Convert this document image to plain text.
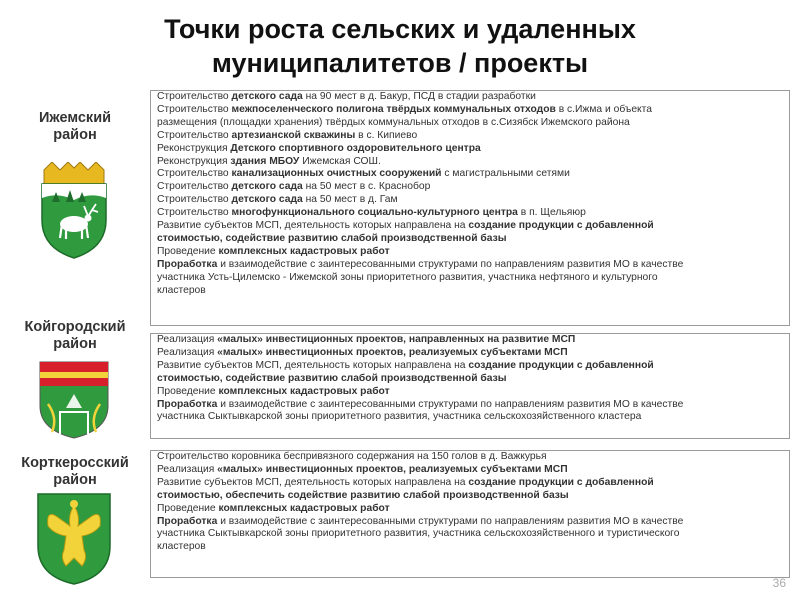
Точки роста сельских и удаленных
муниципалитетов / проекты
Ижемский
район
Строительство детского сада на 90 мест в д. Бакур, ПСД в стадии разработки
Строительство межпоселенческого полигона твёрдых коммунальных отходов в с.Ижма и объекта
размещения (площадки хранения) твёрдых коммунальных отходов в с.Сизябск Ижемского района
Строительство артезианской скважины в с. Кипиево
Реконструкция Детского спортивного оздоровительного центра
Реконструкция здания МБОУ Ижемская СОШ.
Строительство канализационных очистных сооружений с магистральными сетями
Строительство детского сада на 50 мест в с. Краснобор
Строительство детского сада на 50 мест в д. Гам
Строительство многофункционального социально-культурного центра в п. Щельяюр
Развитие субъектов МСП, деятельность которых направлена на создание продукции с добавленной
стоимостью, содействие развитию слабой производственной базы
Проведение комплексных кадастровых работ
Проработка и взаимодействие с заинтересованными структурами по направлениям развития МО в качестве
участника Усть-Цилемско - Ижемской зоны приоритетного развития, участника нефтяного и культурного
кластеров
Койгородский
район	Реализация «малых» инвестиционных проектов, направленных на развитие МСП
Реализация «малых» инвестиционных проектов, реализуемых субъектами МСП
Развитие субъектов МСП, деятельность которых направлена на создание продукции с добавленной
стоимостью, содействие развитию слабой производственной базы
Проведение комплексных кадастровых работ
Проработка и взаимодействие с заинтересованными структурами по направлениям развития МО в качестве
участника Сыктывкарской зоны приоритетного развития, участника сельскохозяйственного кластера
Корткеросский
район
Строительство коровника беспривязного содержания на 150 голов в д. Важкурья
Реализация «малых» инвестиционных проектов, реализуемых субъектами МСП
Развитие субъектов МСП, деятельность которых направлена на создание продукции с добавленной
стоимостью, обеспечить содействие развитию слабой производственной базы
Проведение комплексных кадастровых работ
Проработка и взаимодействие с заинтересованными структурами по направлениям развития МО в качестве
участника Сыктывкарской зоны приоритетного развития, участника сельскохозяйственного и туристического
кластеров
36
